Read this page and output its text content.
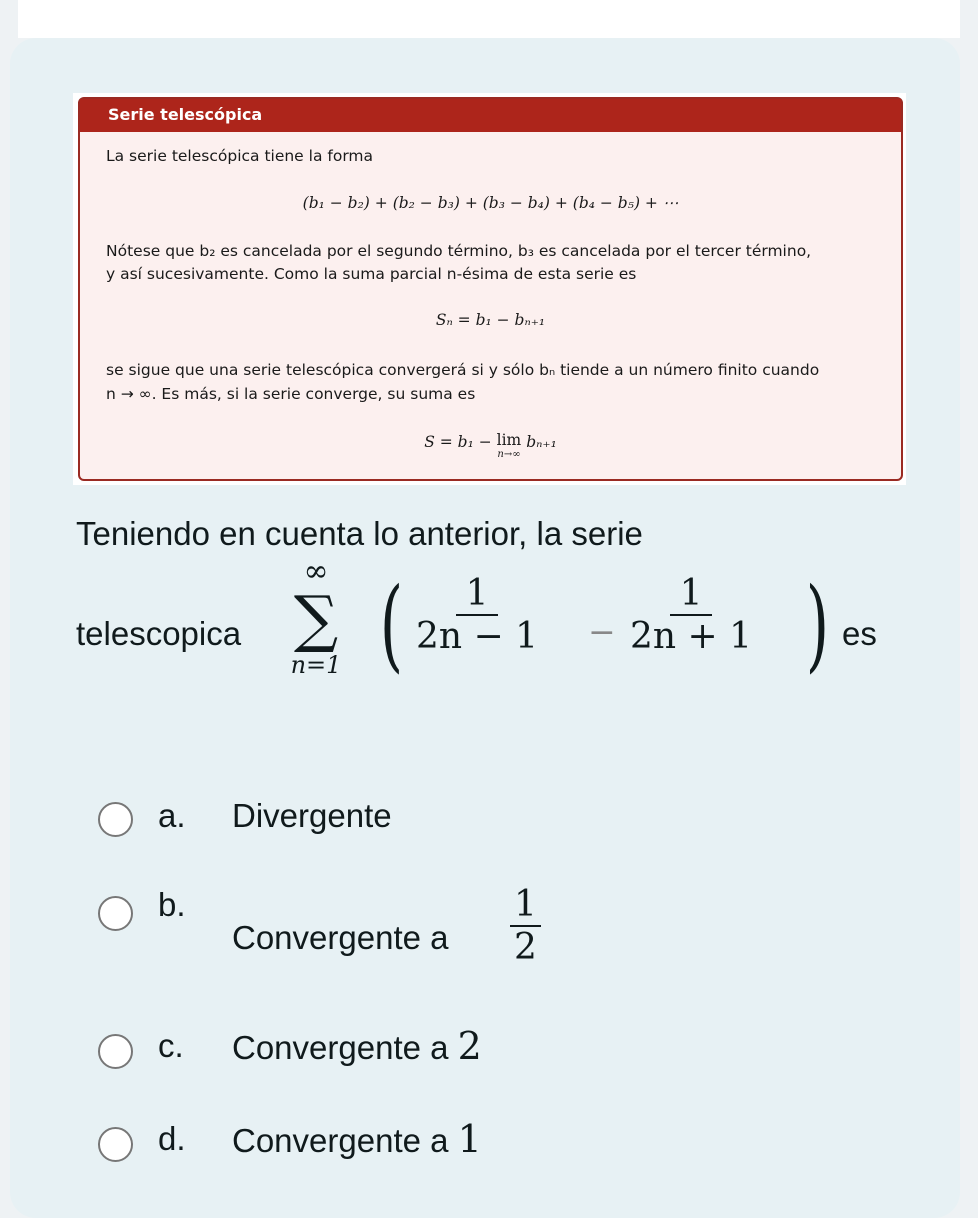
Serie telescópica
La serie telescópica tiene la forma
(b₁ − b₂) + (b₂ − b₃) + (b₃ − b₄) + (b₄ − b₅) + ⋯
Nótese que b₂ es cancelada por el segundo término, b₃ es cancelada por el tercer término,
y así sucesivamente. Como la suma parcial n-ésima de esta serie es
Sₙ = b₁ − bₙ₊₁
se sigue que una serie telescópica convergerá si y sólo bₙ tiende a un número finito cuando
n → ∞. Es más, si la serie converge, su suma es
S = b₁ − lim
n→∞
bₙ₊₁
Teniendo en cuenta lo anterior, la serie
telescopica
∞
∑
n=1 ( $\frac{1}{2n - 1} - \frac{1}{2n + 1}$ ) es
a. Divergente
b.
Convergente a $\frac{1}{2}$
c. Convergente a 2
d. Convergente a 1
